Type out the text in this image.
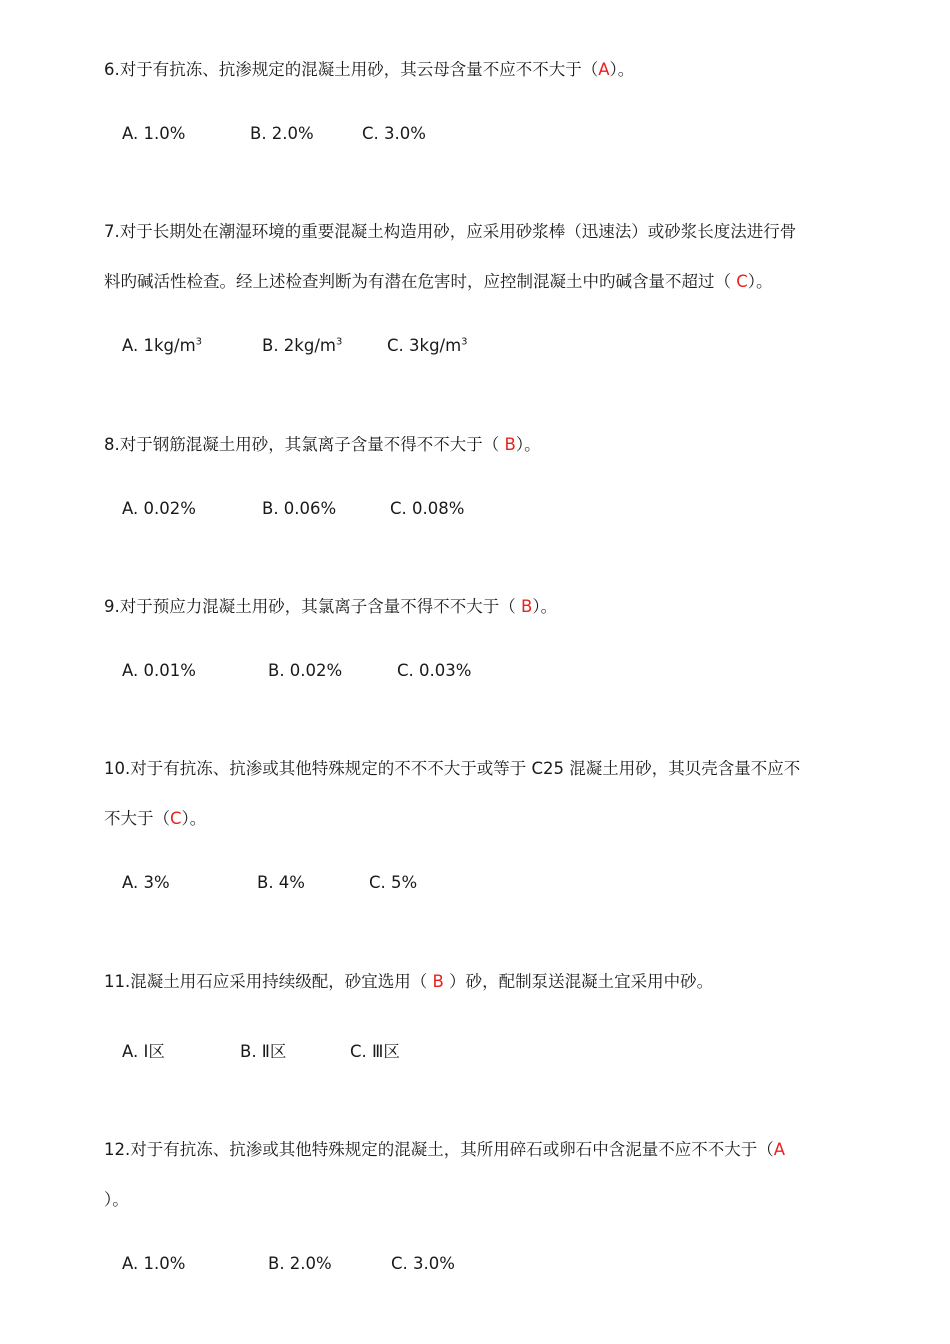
6.对于有抗冻、抗渗规定的混凝土用砂，其云母含量不应不不大于（A）。
A. 1.0%	B. 2.0%	C. 3.0%
7.对于长期处在潮湿环境的重要混凝土构造用砂，应采用砂浆棒（迅速法）或砂浆长度法进行骨
料旳碱活性检查。经上述检查判断为有潜在危害时，应控制混凝土中旳碱含量不超过（ C）。
A. $1kg/m^3$	B. $2kg/m^3$	C. $3kg/m^3$
8.对于钢筋混凝土用砂，其氯离子含量不得不不大于（ B）。
A. 0.02%	B. 0.06%	C. 0.08%
9.对于预应力混凝土用砂，其氯离子含量不得不不大于（ B）。
A. 0.01%	B. 0.02%	C. 0.03%
10.对于有抗冻、抗渗或其他特殊规定的不不不大于或等于 C25 混凝土用砂，其贝壳含量不应不
不大于（C）。
A. 3%	B. 4%	C. 5%
11.混凝土用石应采用持续级配，砂宜选用（ B ）砂，配制泵送混凝土宜采用中砂。
A. Ⅰ区	B. Ⅱ区	C. Ⅲ区
12.对于有抗冻、抗渗或其他特殊规定的混凝土，其所用碎石或卵石中含泥量不应不不大于（A
）。
A. 1.0%	B. 2.0%	C. 3.0%
